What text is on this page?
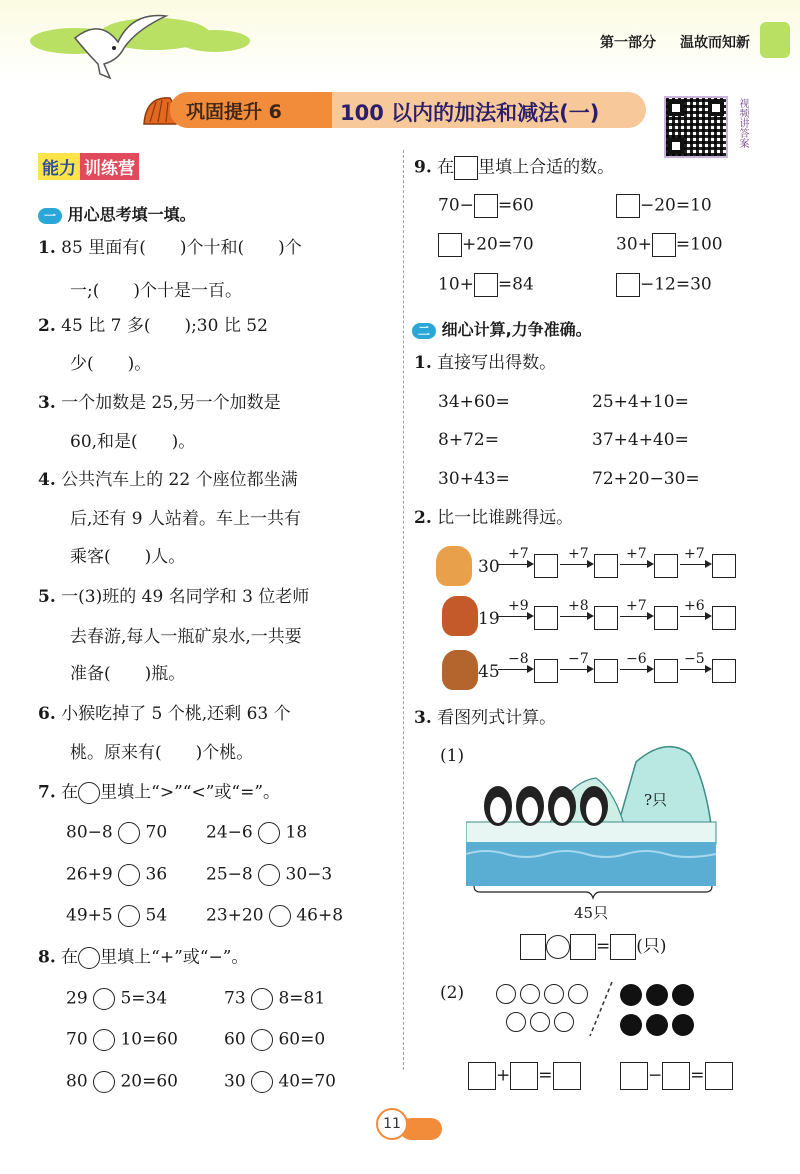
第一部分 温故而知新
巩固提升 6	100 以内的加法和减法(一)	视频讲答案
能力 训练营
一 用心思考填一填。
1. 85 里面有(　　)个十和(　　)个
一;(　　)个十是一百。
2. 45 比 7 多(　　);30 比 52
少(　　)。
3. 一个加数是 25,另一个加数是
60,和是(　　)。
4. 公共汽车上的 22 个座位都坐满
后,还有 9 人站着。车上一共有
乘客(　　)人。
5. 一(3)班的 49 名同学和 3 位老师
去春游,每人一瓶矿泉水,一共要
准备(　　)瓶。
6. 小猴吃掉了 5 个桃,还剩 63 个
桃。原来有(　　)个桃。
7. 在 里填上“>”“<”或“=”。
80−8 70 24−6 18
26+9 36 25−8 30−3
49+5 54 23+20 46+8
8. 在 里填上“+”或“−”。
29 5=34	73 8=81
70 10=60	60 60=0
80 20=60	30 40=70
9. 在 里填上合适的数。
70− =60	−20=10
+20=70	30+ =100
10+ =84	−12=30
二 细心计算,力争准确。
1. 直接写出得数。
34+60=	25+4+10=
8+72=	37+4+40=
30+43=	72+20−30=
2. 比一比谁跳得远。
30
+7	+7	+7	+7
19
+9	+8	+7	+6
45
−8	−7	−6	−5
3. 看图列式计算。
(1)
?只
45只
= (只)
(2)

+ =	− =
11
